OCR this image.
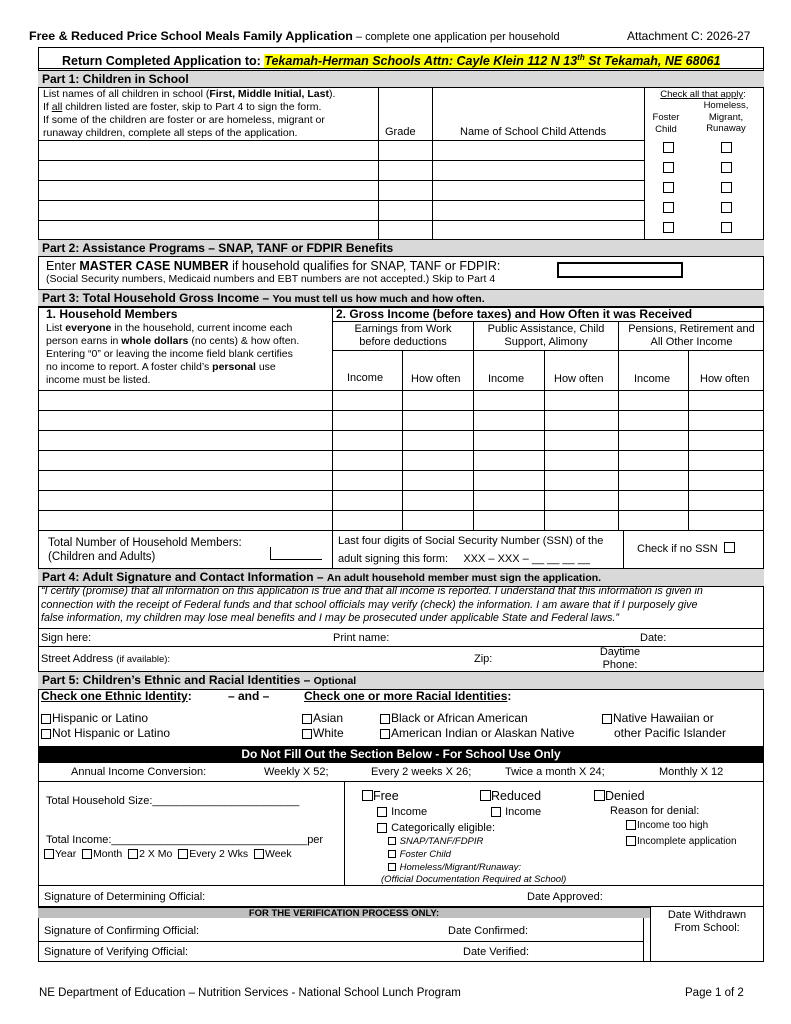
Free & Reduced Price School Meals Family Application – complete one application per household	Attachment C: 2026-27
Return Completed Application to: Tekamah-Herman Schools Attn: Cayle Klein 112 N 13th St Tekamah, NE 68061
Part 1: Children in School
List names of all children in school (First, Middle Initial, Last).
If all children listed are foster, skip to Part 4 to sign the form.
If some of the children are foster or are homeless, migrant or
runaway children, complete all steps of the application.	Grade	Name of School Child Attends
Check all that apply:
Foster
Child
Homeless,
Migrant,
Runaway
Part 2: Assistance Programs – SNAP, TANF or FDPIR Benefits
Enter MASTER CASE NUMBER if household qualifies for SNAP, TANF or FDPIR:
(Social Security numbers, Medicaid numbers and EBT numbers are not accepted.) Skip to Part 4
Part 3: Total Household Gross Income – You must tell us how much and how often.
1. Household Members
List everyone in the household, current income each
person earns in whole dollars (no cents) & how often.
Entering “0” or leaving the income field blank certifies
no income to report. A foster child’s personal use
income must be listed.
2. Gross Income (before taxes) and How Often it was Received
Earnings from Work
before deductions
Public Assistance, Child
Support, Alimony
Pensions, Retirement and
All Other Income
Income	How often Income	How often	Income	How often
Total Number of Household Members:
(Children and Adults)
Last four digits of Social Security Number (SSN) of the
adult signing this form: XXX – XXX – __ __ __ __
Check if no SSN
Part 4: Adult Signature and Contact Information – An adult household member must sign the application.
“I certify (promise) that all information on this application is true and that all income is reported. I understand that this information is given in
connection with the receipt of Federal funds and that school officials may verify (check) the information. I am aware that if I purposely give
false information, my children may lose meal benefits and I may be prosecuted under applicable State and Federal laws.”
Sign here:	Print name:	Date:
Street Address (if available):	Zip:
Daytime
Phone:
Part 5: Children’s Ethnic and Racial Identities – Optional
Check one Ethnic Identity:	– and –	Check one or more Racial Identities:
Hispanic or Latino
Not Hispanic or Latino
Asian
White
Black or African American
American Indian or Alaskan Native
Native Hawaiian or
other Pacific Islander
Do Not Fill Out the Section Below - For School Use Only
Annual Income Conversion:	Weekly X 52;	Every 2 weeks X 26;	Twice a month X 24;	Monthly X 12
Total Household Size:________________________
Total Income:________________________________per
Year Month 2 X Mo Every 2 Wks Week
Free	Reduced	Denied
Income	Income
Categorically eligible:
SNAP/TANF/FDPIR
Foster Child
Homeless/Migrant/Runaway:
(Official Documentation Required at School)
Reason for denial:
Income too high
Incomplete application
Signature of Determining Official:	Date Approved:
FOR THE VERIFICATION PROCESS ONLY:
Signature of Confirming Official:	Date Confirmed:
Signature of Verifying Official:	Date Verified:
Date Withdrawn
From School:
NE Department of Education – Nutrition Services - National School Lunch Program	Page 1 of 2
